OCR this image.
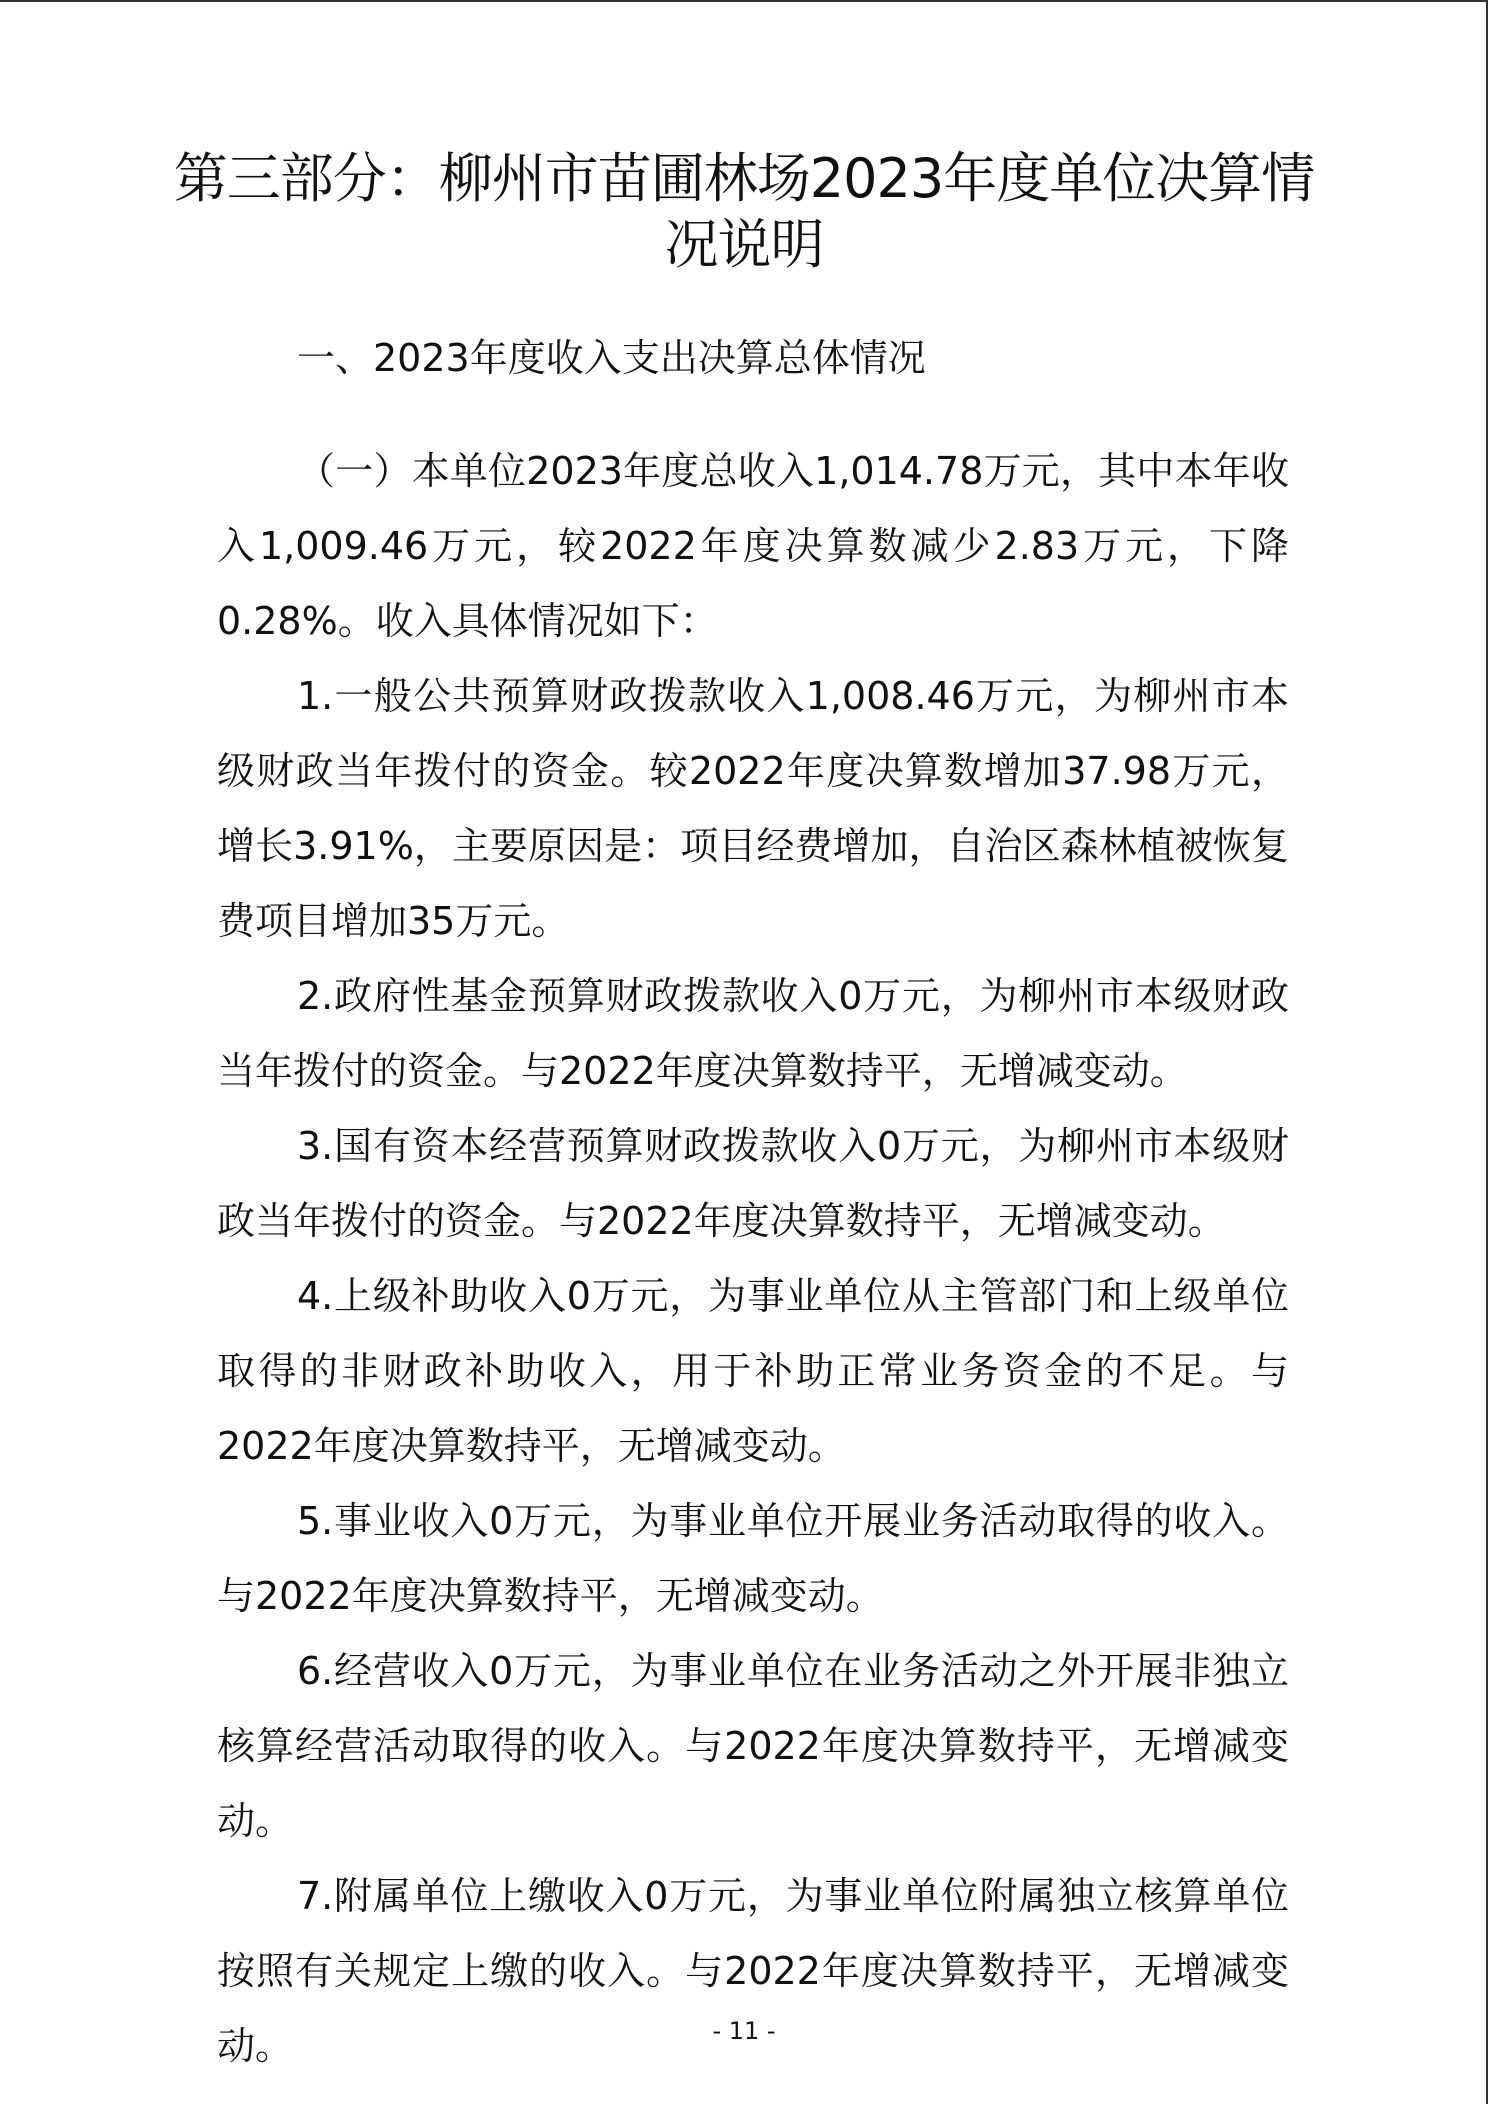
第三部分：柳州市苗圃林场2023年度单位决算情况说明

一、2023年度收入支出决算总体情况

（一）本单位2023年度总收入1,014.78万元，其中本年收入1,009.46万元，较2022年度决算数减少2.83万元，下降0.28%。收入具体情况如下：

1.一般公共预算财政拨款收入1,008.46万元，为柳州市本级财政当年拨付的资金。较2022年度决算数增加37.98万元，增长3.91%，主要原因是：项目经费增加，自治区森林植被恢复费项目增加35万元。

2.政府性基金预算财政拨款收入0万元，为柳州市本级财政当年拨付的资金。与2022年度决算数持平，无增减变动。

3.国有资本经营预算财政拨款收入0万元，为柳州市本级财政当年拨付的资金。与2022年度决算数持平，无增减变动。

4.上级补助收入0万元，为事业单位从主管部门和上级单位取得的非财政补助收入，用于补助正常业务资金的不足。与2022年度决算数持平，无增减变动。

5.事业收入0万元，为事业单位开展业务活动取得的收入。与2022年度决算数持平，无增减变动。

6.经营收入0万元，为事业单位在业务活动之外开展非独立核算经营活动取得的收入。与2022年度决算数持平，无增减变动。

7.附属单位上缴收入0万元，为事业单位附属独立核算单位按照有关规定上缴的收入。与2022年度决算数持平，无增减变动。	- 11 -
